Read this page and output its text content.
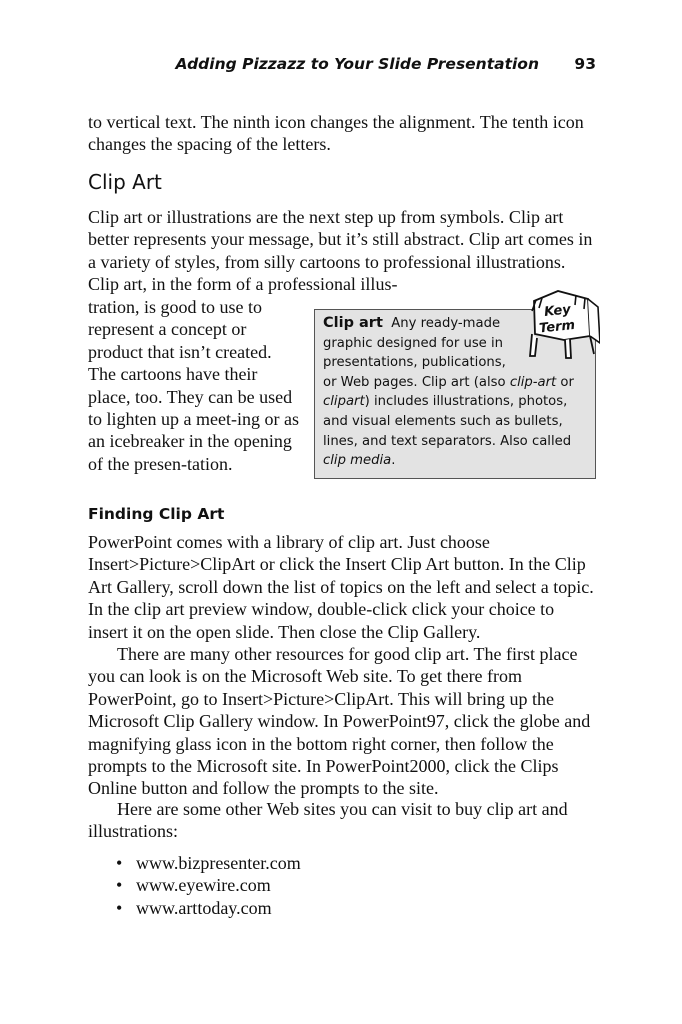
Adding Pizzazz to Your Slide Presentation 93

to vertical text. The ninth icon changes the alignment. The tenth icon changes the spacing of the letters.

Clip Art

Clip art or illustrations are the next step up from symbols. Clip art better represents your message, but it’s still abstract. Clip art comes in a variety of styles, from silly cartoons to professional illustrations. Clip art, in the form of a professional illus-

tration, is good to use to represent a concept or product that isn’t created. The cartoons have their place, too. They can be used to lighten up a meet-ing or as an icebreaker in the opening of the presen-tation.

Clip art Any ready-made graphic designed for use in presentations, publications, or Web pages. Clip art (also clip-art or clipart) includes illustrations, photos, and visual elements such as bullets, lines, and text separators. Also called clip media.

Key
Term
Finding Clip Art

PowerPoint comes with a library of clip art. Just choose Insert>Picture>ClipArt or click the Insert Clip Art button. In the Clip Art Gallery, scroll down the list of topics on the left and select a topic. In the clip art preview window, double-click click your choice to insert it on the open slide. Then close the Clip Gallery.

There are many other resources for good clip art. The first place you can look is on the Microsoft Web site. To get there from PowerPoint, go to Insert>Picture>ClipArt. This will bring up the Microsoft Clip Gallery window. In PowerPoint97, click the globe and magnifying glass icon in the bottom right corner, then follow the prompts to the Microsoft site. In PowerPoint2000, click the Clips Online button and follow the prompts to the site.

Here are some other Web sites you can visit to buy clip art and illustrations:

• www.bizpresenter.com
• www.eyewire.com
• www.arttoday.com
